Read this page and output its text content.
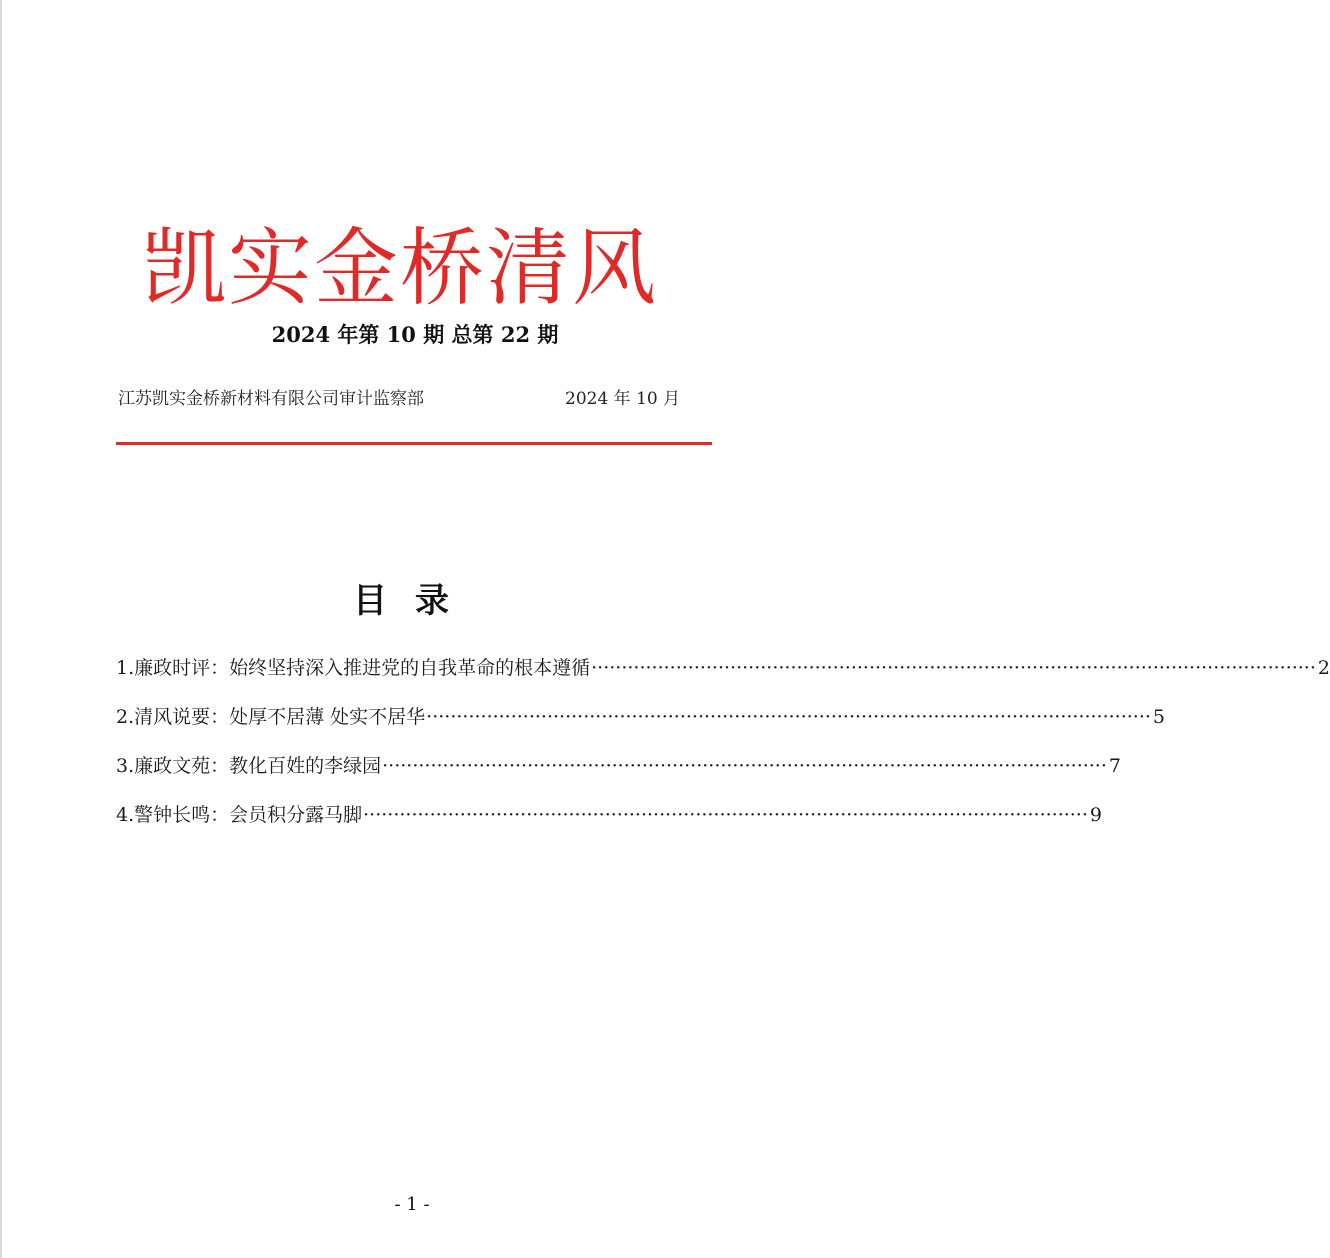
凯实金桥清风
2024 年第 10 期 总第 22 期
江苏凯实金桥新材料有限公司审计监察部	2024 年 10 月
目录
1.廉政时评：始终坚持深入推进党的自我革命的根本遵循 ························································································································ 2
2.清风说要：处厚不居薄 处实不居华 ························································································································ 5
3.廉政文苑：教化百姓的李绿园 ························································································································ 7
4.警钟长鸣：会员积分露马脚 ························································································································ 9
- 1 -
